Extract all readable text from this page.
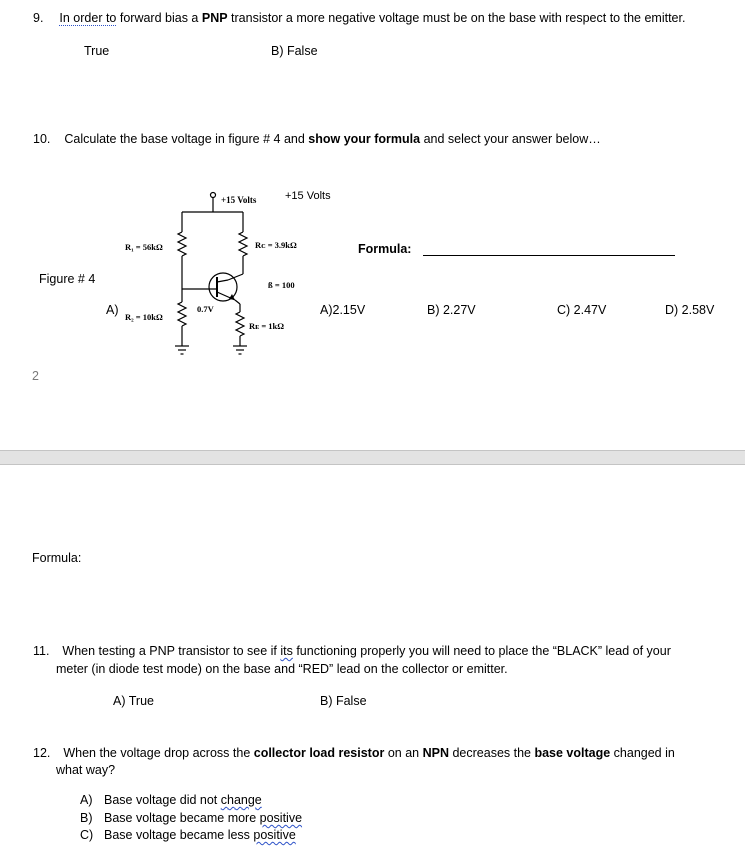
9. In order to forward bias a PNP transistor a more negative voltage must be on the base with respect to the emitter.
True	B) False
10. Calculate the base voltage in figure # 4 and show your formula and select your answer below…
+15 Volts
Formula:
Figure # 4
A)	A)2.15V	B) 2.27V	C) 2.47V	D) 2.58V
+15 Volts
R₁ = 56kΩ	Rᴄ = 3.9kΩ
ß = 100
0.7V
R₂ = 10kΩ
Rᴇ = 1kΩ
2
Formula:
11. When testing a PNP transistor to see if its functioning properly you will need to place the “BLACK” lead of your
meter (in diode test mode) on the base and “RED” lead on the collector or emitter.
A) True	B) False
12. When the voltage drop across the collector load resistor on an NPN decreases the base voltage changed in
what way?
A) Base voltage did not change
B) Base voltage became more positive
C) Base voltage became less positive
